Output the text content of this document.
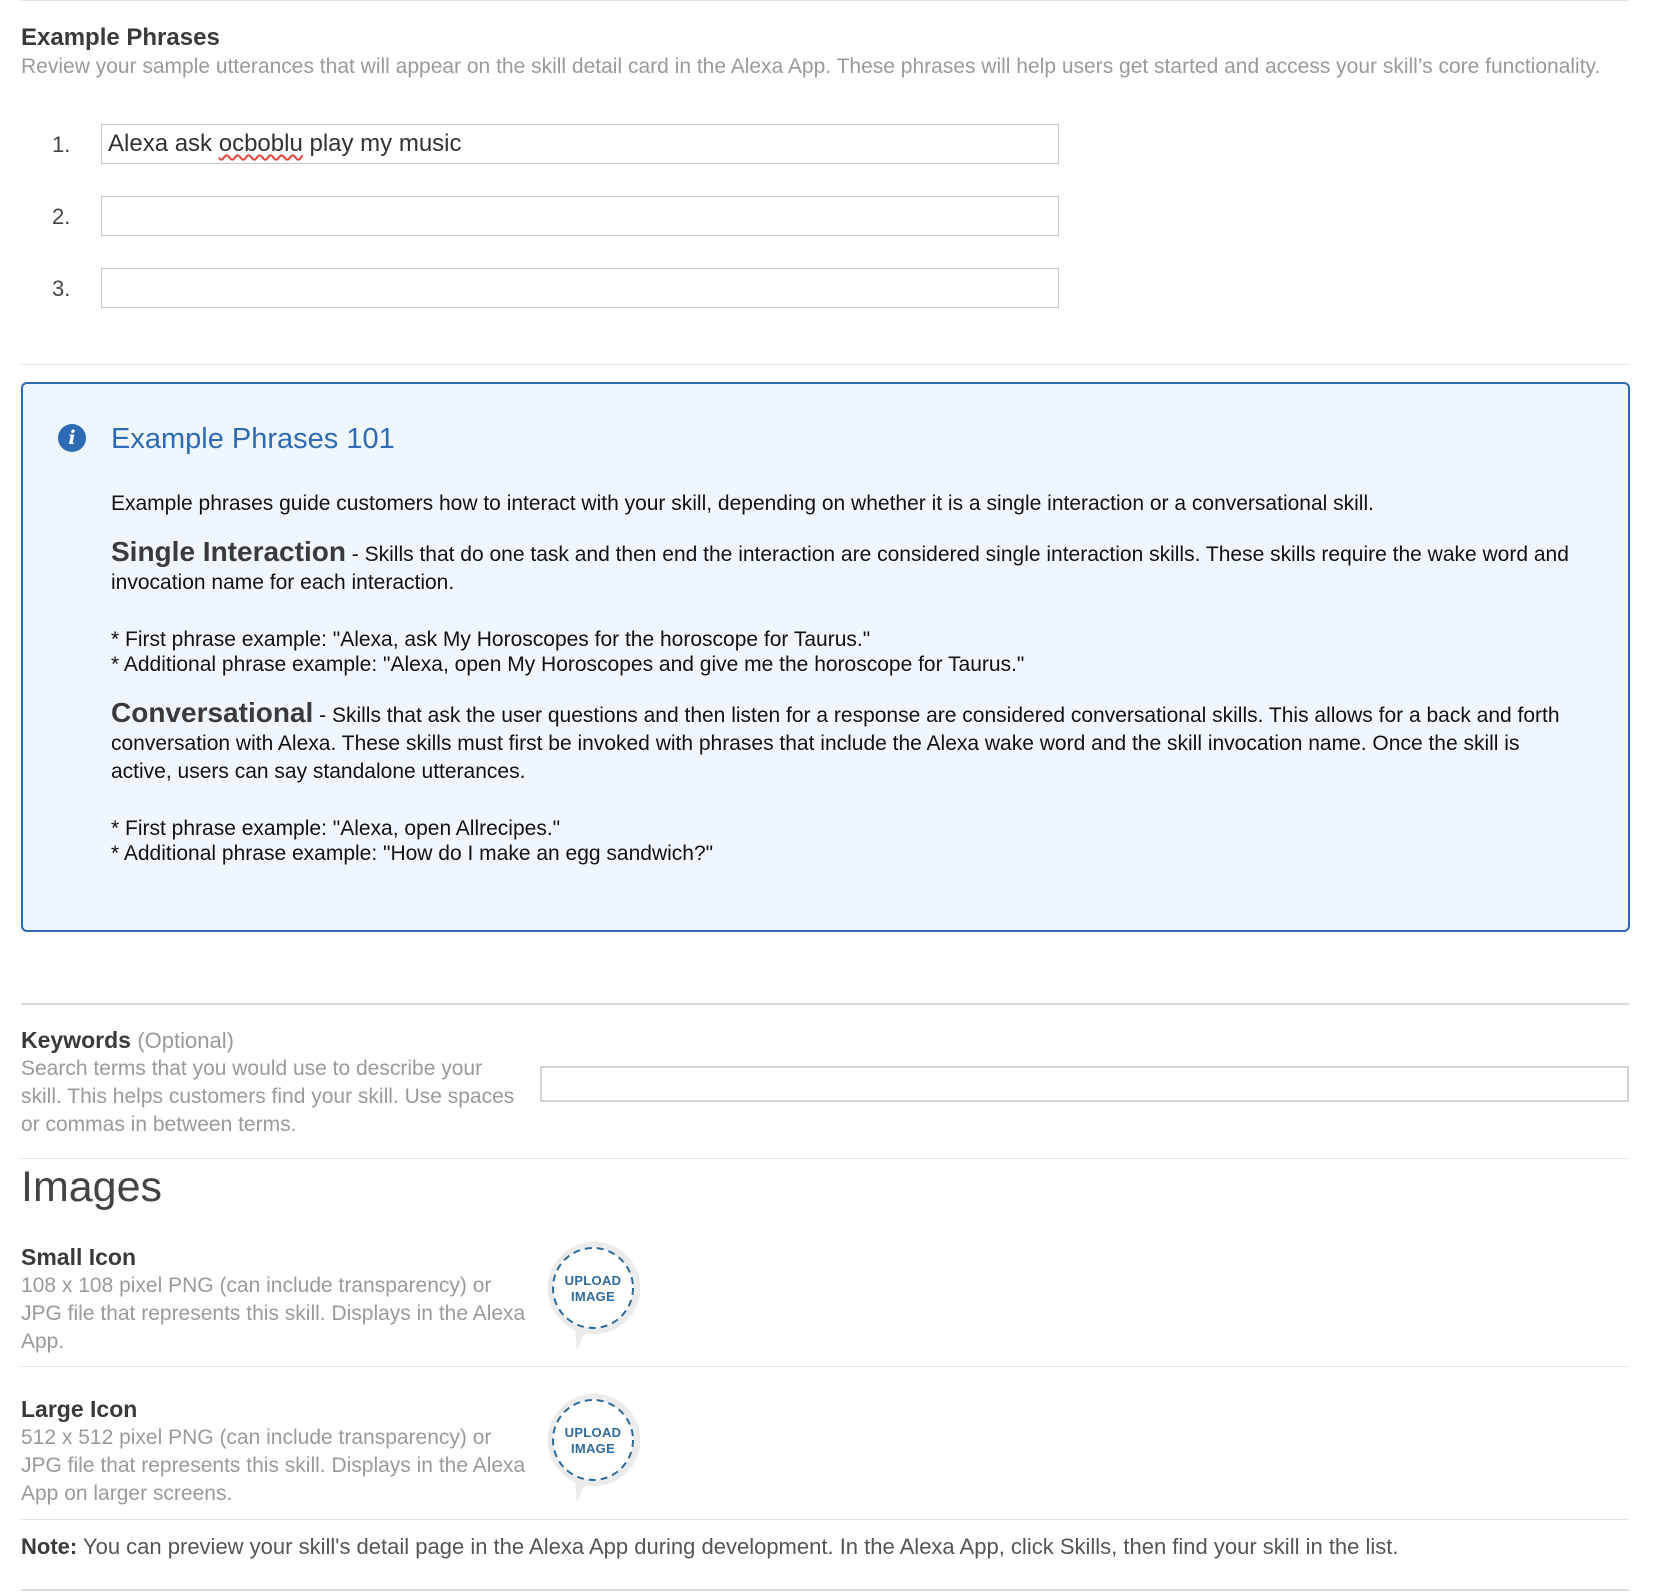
Example Phrases
Review your sample utterances that will appear on the skill detail card in the Alexa App. These phrases will help users get started and access your skill’s core functionality.
1. Alexa ask ocboblu play my music
2.
3.
i	Example Phrases 101

Example phrases guide customers how to interact with your skill, depending on whether it is a single interaction or a conversational skill.

Single Interaction - Skills that do one task and then end the interaction are considered single interaction skills. These skills require the wake word and invocation name for each interaction.

* First phrase example: "Alexa, ask My Horoscopes for the horoscope for Taurus."

* Additional phrase example: "Alexa, open My Horoscopes and give me the horoscope for Taurus."

Conversational - Skills that ask the user questions and then listen for a response are considered conversational skills. This allows for a back and forth conversation with Alexa. These skills must first be invoked with phrases that include the Alexa wake word and the skill invocation name. Once the skill is active, users can say standalone utterances.

* First phrase example: "Alexa, open Allrecipes."

* Additional phrase example: "How do I make an egg sandwich?"

Keywords (Optional)
Search terms that you would use to describe your skill. This helps customers find your skill. Use spaces or commas in between terms.
Images
Small Icon
108 x 108 pixel PNG (can include transparency) or JPG file that represents this skill. Displays in the Alexa App.
UPLOAD
IMAGE
Large Icon
512 x 512 pixel PNG (can include transparency) or JPG file that represents this skill. Displays in the Alexa App on larger screens.
UPLOAD
IMAGE
Note: You can preview your skill's detail page in the Alexa App during development. In the Alexa App, click Skills, then find your skill in the list.
